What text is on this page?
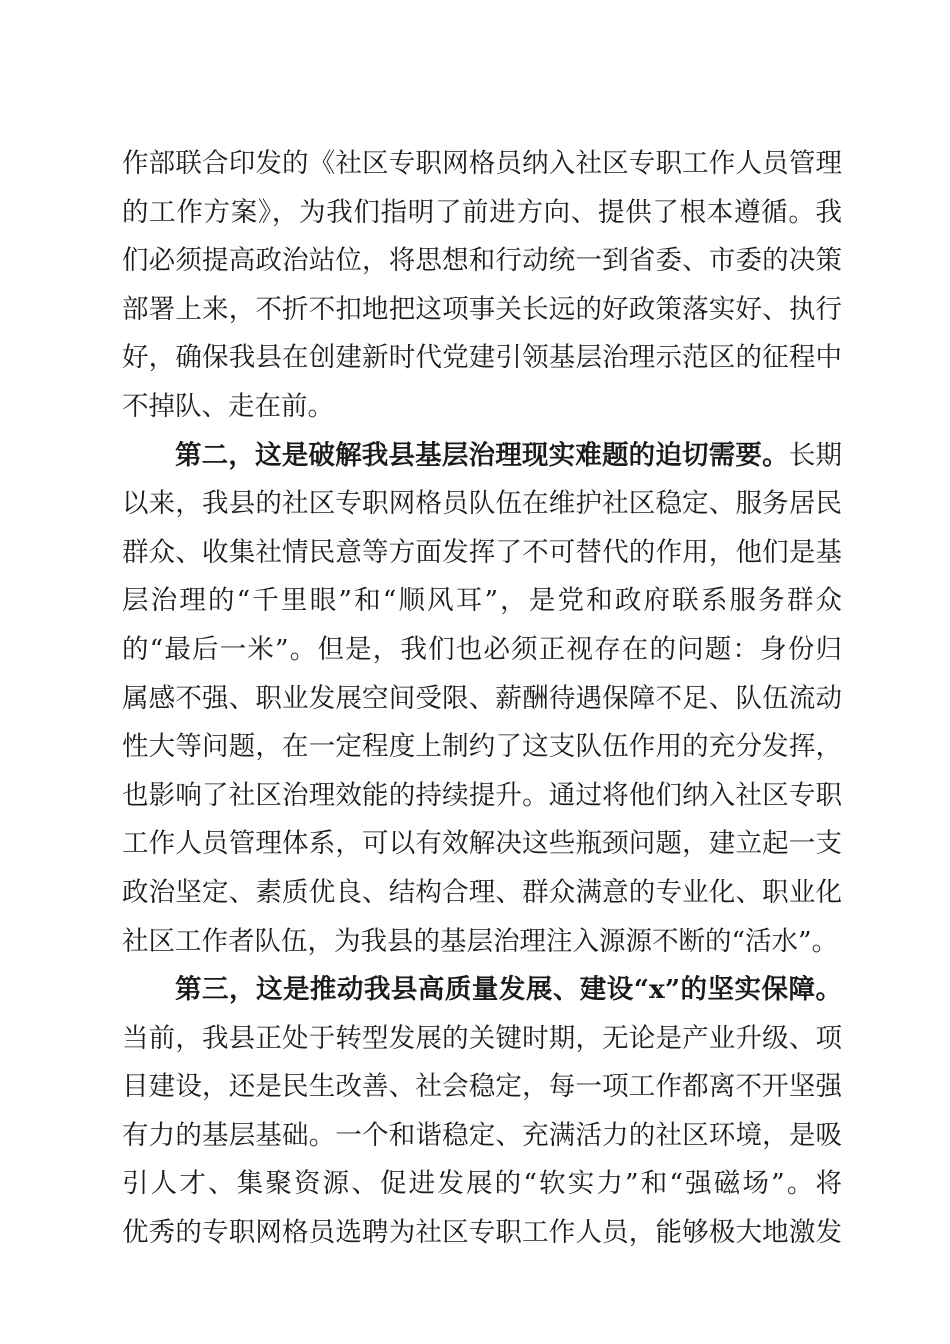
作部联合印发的《社区专职网格员纳入社区专职工作人员管理
的工作方案》，为我们指明了前进方向、提供了根本遵循。我
们必须提高政治站位，将思想和行动统一到省委、市委的决策
部署上来，不折不扣地把这项事关长远的好政策落实好、执行
好，确保我县在创建新时代党建引领基层治理示范区的征程中
不掉队、走在前。
第二，这是破解我县基层治理现实难题的迫切需要。长期
以来，我县的社区专职网格员队伍在维护社区稳定、服务居民
群众、收集社情民意等方面发挥了不可替代的作用，他们是基
层治理的“千里眼”和“顺风耳”，是党和政府联系服务群众
的“最后一米”。但是，我们也必须正视存在的问题：身份归
属感不强、职业发展空间受限、薪酬待遇保障不足、队伍流动
性大等问题，在一定程度上制约了这支队伍作用的充分发挥，
也影响了社区治理效能的持续提升。通过将他们纳入社区专职
工作人员管理体系，可以有效解决这些瓶颈问题，建立起一支
政治坚定、素质优良、结构合理、群众满意的专业化、职业化
社区工作者队伍，为我县的基层治理注入源源不断的“活水”。
第三，这是推动我县高质量发展、建设“x”的坚实保障。
当前，我县正处于转型发展的关键时期，无论是产业升级、项
目建设，还是民生改善、社会稳定，每一项工作都离不开坚强
有力的基层基础。一个和谐稳定、充满活力的社区环境，是吸
引人才、集聚资源、促进发展的“软实力”和“强磁场”。将
优秀的专职网格员选聘为社区专职工作人员，能够极大地激发
